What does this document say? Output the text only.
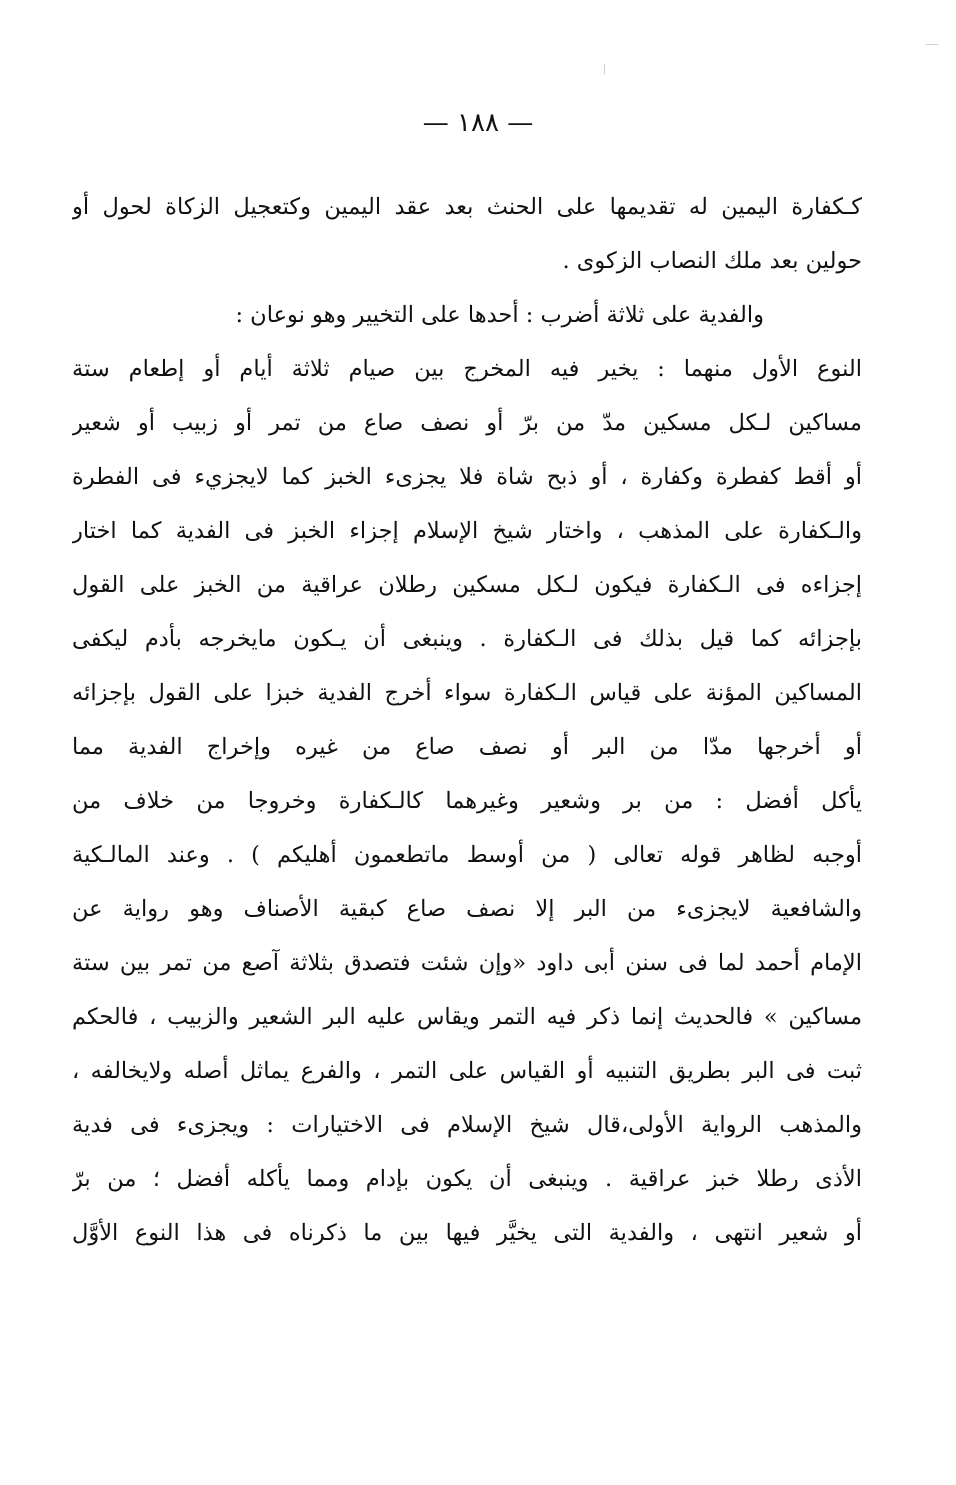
— ١٨٨ —
كـكفارة اليمين له تقديمها على الحنث بعد عقد اليمين وكتعجيل الزكاة لحول أو
حولين بعد ملك النصاب الزكوى .
والفدية على ثلاثة أضرب : أحدها على التخيير وهو نوعان :
النوع الأول منهما : يخير فيه المخرج بين صيام ثلاثة أيام أو إطعام ستة
مساكين لـكل مسكين مدّ من برّ أو نصف صاع من تمر أو زبيب أو شعير
أو أقط كفطرة وكفارة ، أو ذبح شاة فلا يجزىء الخبز كما لايجزيء فى الفطرة
والـكفارة على المذهب ، واختار شيخ الإسلام إجزاء الخبز فى الفدية كما اختار
إجزاءه فى الـكفارة فيكون لـكل مسكين رطلان عراقية من الخبز على القول
بإجزائه كما قيل بذلك فى الـكفارة . وينبغى أن يـكون مايخرجه بأدم ليكفى
المساكين المؤنة على قياس الـكفارة سواء أخرج الفدية خبزا على القول بإجزائه
أو أخرجها مدّا من البر أو نصف صاع من غيره وإخراج الفدية مما
يأكل أفضل : من بر وشعير وغيرهما كالـكفارة وخروجا من خلاف من
أوجبه لظاهر قوله تعالى ( من أوسط ماتطعمون أهليكم ) . وعند المالـكية
والشافعية لايجزىء من البر إلا نصف صاع كبقية الأصناف وهو رواية عن
الإمام أحمد لما فى سنن أبى داود «وإن شئت فتصدق بثلاثة آصع من تمر بين ستة
مساكين » فالحديث إنما ذكر فيه التمر ويقاس عليه البر الشعير والزبيب ، فالحكم
ثبت فى البر بطريق التنبيه أو القياس على التمر ، والفرع يماثل أصله ولايخالفه ،
والمذهب الرواية الأولى،قال شيخ الإسلام فى الاختيارات : ويجزىء فى فدية
الأذى رطلا خبز عراقية . وينبغى أن يكون بإدام ومما يأكله أفضل ؛ من برّ
أو شعير انتهى ، والفدية التى يخيَّر فيها بين ما ذكرناه فى هذا النوع الأوَّل
